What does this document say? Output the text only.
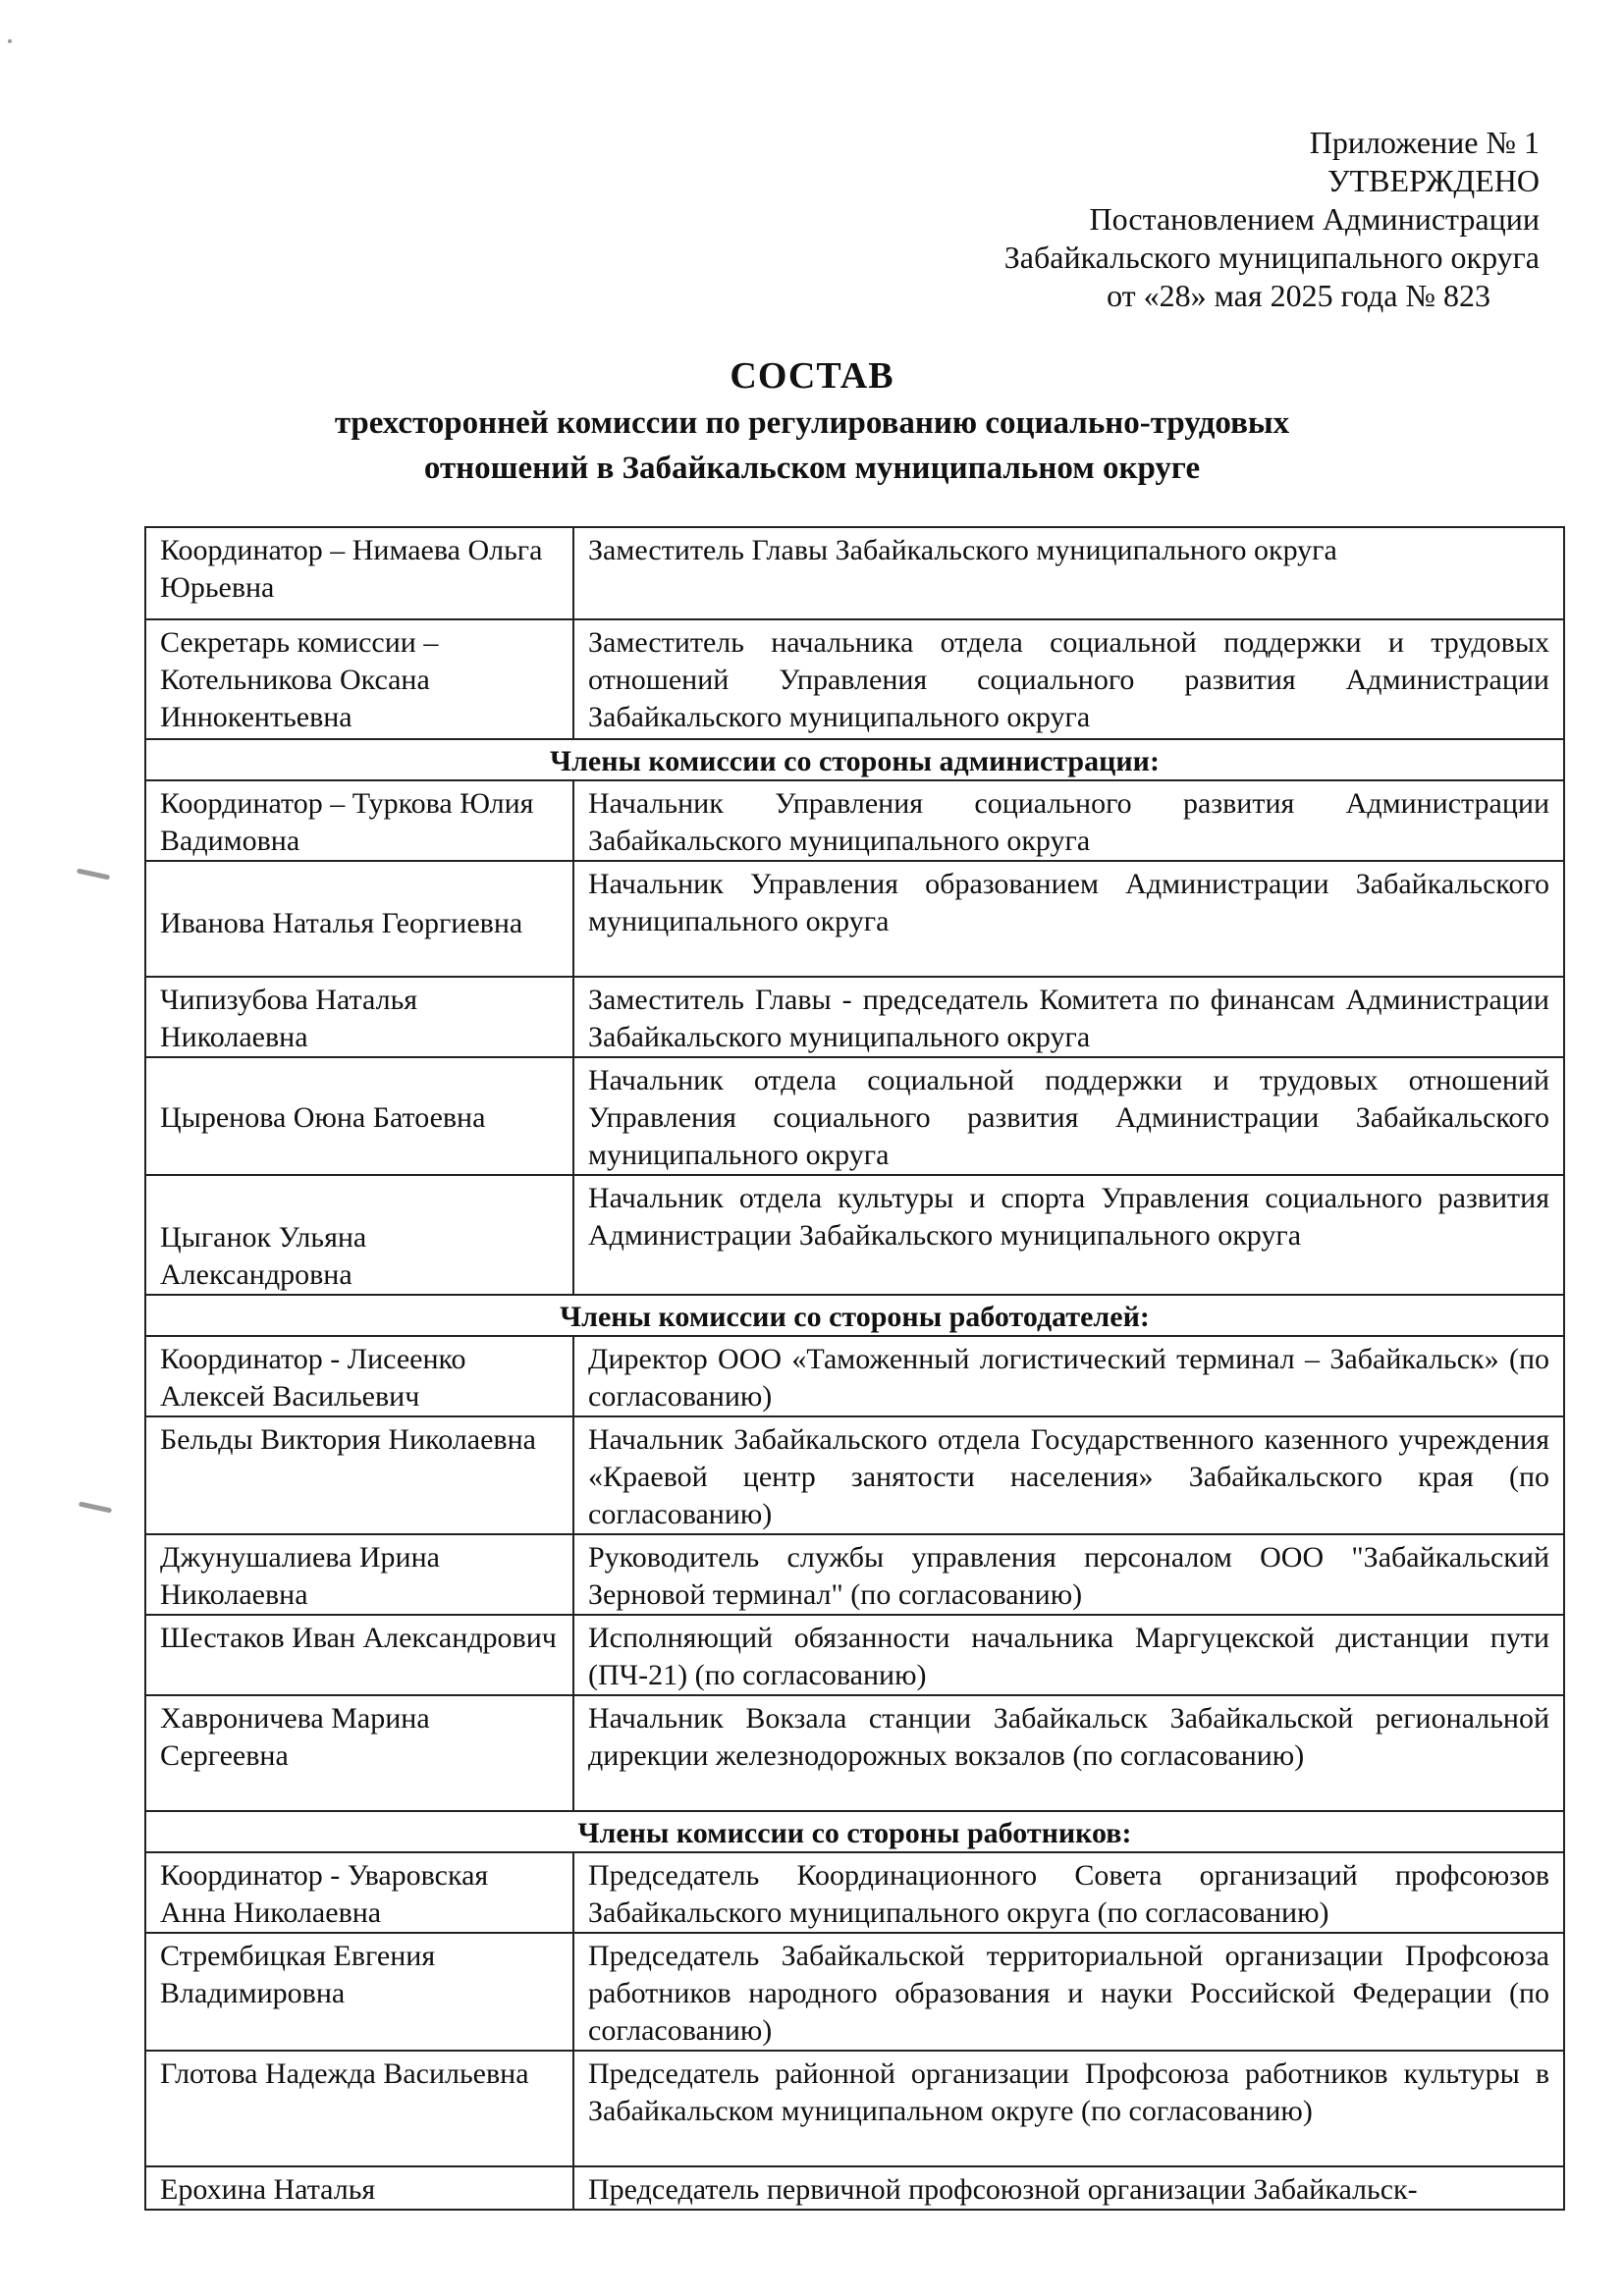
Приложение № 1
УТВЕРЖДЕНО
Постановлением Администрации
Забайкальского муниципального округа
от «28» мая 2025 года № 823
СОСТАВ
трехсторонней комиссии по регулированию социально-трудовых
отношений в Забайкальском муниципальном округе
Координатор – Нимаева Ольга Юрьевна	Заместитель Главы Забайкальского муниципального округа
Секретарь комиссии – Котельникова Оксана Иннокентьевна	Заместитель начальника отдела социальной поддержки и трудовых отношений Управления социального развития Администрации Забайкальского муниципального округа
Члены комиссии со стороны администрации:	
Координатор – Туркова Юлия Вадимовна	Начальник Управления социального развития Администрации Забайкальского муниципального округа
Иванова Наталья Георгиевна	Начальник Управления образованием Администрации Забайкальского муниципального округа
Чипизубова Наталья Николаевна	Заместитель Главы - председатель Комитета по финансам Администрации Забайкальского муниципального округа
Цыренова Оюна Батоевна	Начальник отдела социальной поддержки и трудовых отношений Управления социального развития Администрации Забайкальского муниципального округа
Цыганок Ульяна Александровна	Начальник отдела культуры и спорта Управления социального развития Администрации Забайкальского муниципального округа
Члены комиссии со стороны работодателей:	
Координатор - Лисеенко Алексей Васильевич	Директор ООО «Таможенный логистический терминал – Забайкальск» (по согласованию)
Бельды Виктория Николаевна	Начальник Забайкальского отдела Государственного казенного учреждения «Краевой центр занятости населения» Забайкальского края (по согласованию)
Джунушалиева Ирина Николаевна	Руководитель службы управления персоналом ООО "Забайкальский Зерновой терминал" (по согласованию)
Шестаков Иван Александрович	Исполняющий обязанности начальника Маргуцекской дистанции пути (ПЧ-21) (по согласованию)
Хавроничева Марина Сергеевна	Начальник Вокзала станции Забайкальск Забайкальской региональной дирекции железнодорожных вокзалов (по согласованию)
Члены комиссии со стороны работников:	
Координатор - Уваровская Анна Николаевна	Председатель Координационного Совета организаций профсоюзов Забайкальского муниципального округа (по согласованию)
Стрембицкая Евгения Владимировна	Председатель Забайкальской территориальной организации Профсоюза работников народного образования и науки Российской Федерации (по согласованию)
Глотова Надежда Васильевна	Председатель районной организации Профсоюза работников культуры в Забайкальском муниципальном округе (по согласованию)
Ерохина Наталья	Председатель первичной профсоюзной организации Забайкальск-
